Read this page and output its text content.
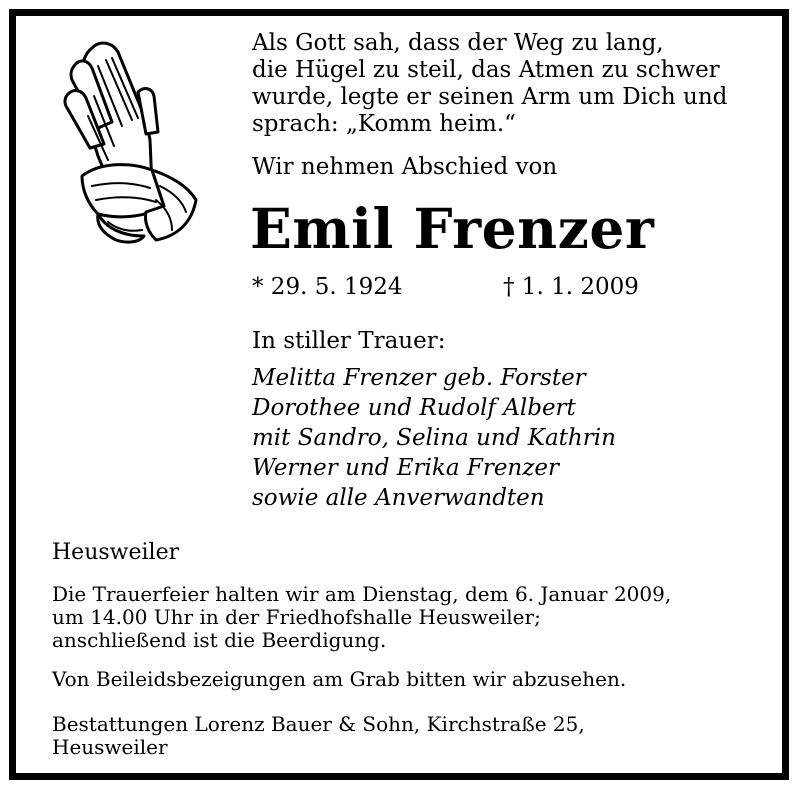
Als Gott sah, dass der Weg zu lang,
die Hügel zu steil, das Atmen zu schwer
wurde, legte er seinen Arm um Dich und
sprach: „Komm heim.“
Wir nehmen Abschied von
Emil Frenzer
* 29. 5. 1924	† 1. 1. 2009
In stiller Trauer:
Melitta Frenzer geb. Forster
Dorothee und Rudolf Albert
mit Sandro, Selina und Kathrin
Werner und Erika Frenzer
sowie alle Anverwandten
Heusweiler
Die Trauerfeier halten wir am Dienstag, dem 6. Januar 2009,
um 14.00 Uhr in der Friedhofshalle Heusweiler;
anschließend ist die Beerdigung.
Von Beileidsbezeigungen am Grab bitten wir abzusehen.
Bestattungen Lorenz Bauer & Sohn, Kirchstraße 25,
Heusweiler
